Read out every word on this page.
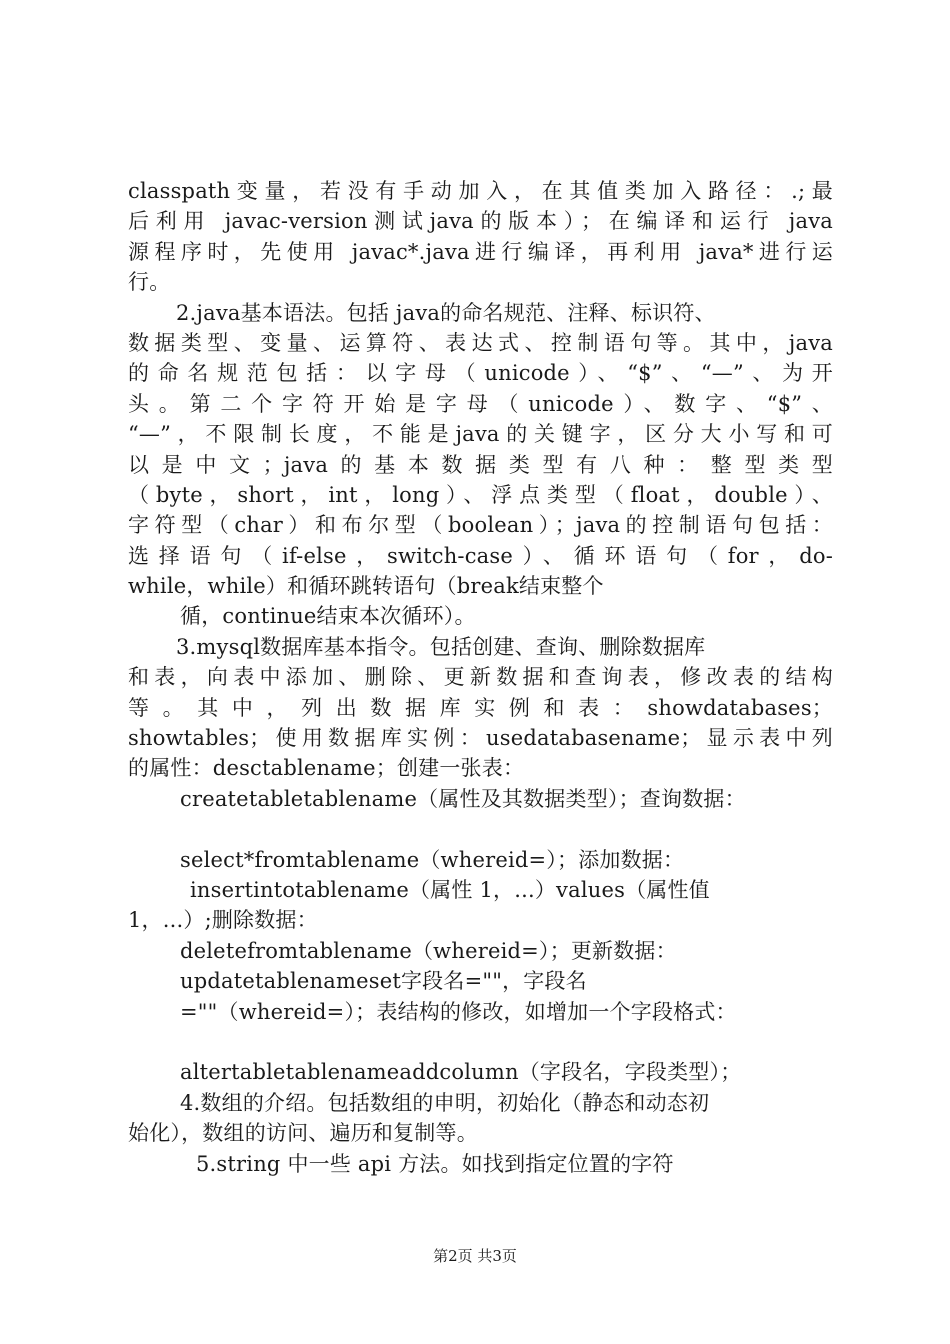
classpath变量，若没有手动加入，在其值类加入路径：.;最
后利用 javac-version测试java的版本）；在编译和运行 java
源程序时，先使用 javac*.java进行编译，再利用 java*进行运
行。
2.java基本语法。包括 java的命名规范、注释、标识符、
数据类型、变量、运算符、表达式、控制语句等。其中，java
的命名规范包括：以字母（unicode）、“$”、“—”、为开
头。第二个字符开始是字母（unicode）、数字、“$”、
“—”，不限制长度，不能是java的关键字，区分大小写和可
以是中文；java的基本数据类型有八种：整型类型
（byte，short，int，long）、浮点类型（float，double）、
字符型（char）和布尔型（boolean）；java的控制语句包括：
选择语句（if-else，switch-case）、循环语句（for，do-
while，while）和循环跳转语句（break结束整个
循，continue结束本次循环）。
3.mysql数据库基本指令。包括创建、查询、删除数据库
和表，向表中添加、删除、更新数据和查询表，修改表的结构
等。其中，列出数据库实例和表：showdatabases；
showtables；使用数据库实例：usedatabasename；显示表中列
的属性：desctablename；创建一张表：
createtabletablename（属性及其数据类型）；查询数据：
select*fromtablename（whereid=）；添加数据：
insertintotablename（属性 1，...）values（属性值
1，...）;删除数据：
deletefromtablename（whereid=）；更新数据：
updatetablenameset字段名=""，字段名
=""（whereid=）；表结构的修改，如增加一个字段格式：
altertabletablenameaddcolumn（字段名，字段类型）；
4.数组的介绍。包括数组的申明，初始化（静态和动态初
始化），数组的访问、遍历和复制等。
5.string 中一些 api 方法。如找到指定位置的字符
第2页 共3页
